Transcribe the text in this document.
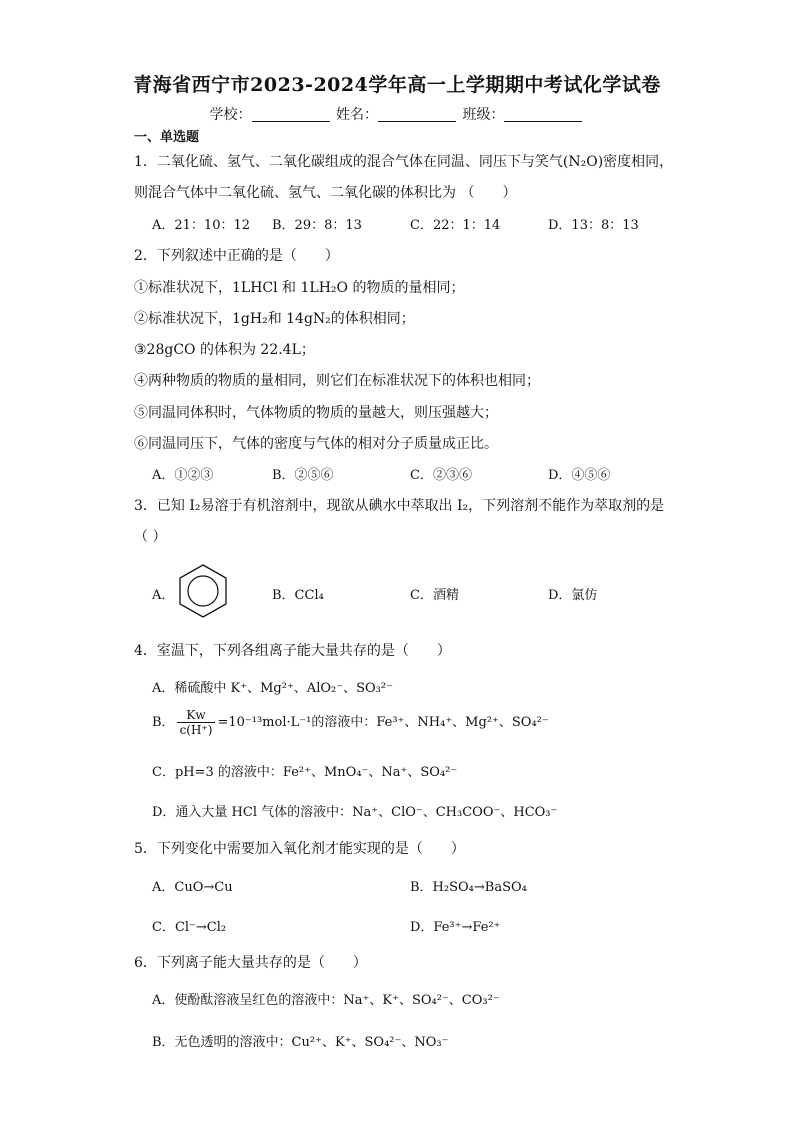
青海省西宁市2023-2024学年高一上学期期中考试化学试卷
学校：	姓名：	班级：
一、单选题
1．二氧化硫、氢气、二氧化碳组成的混合气体在同温、同压下与笑气(N₂O)密度相同，
则混合气体中二氧化硫、氢气、二氧化碳的体积比为 （　　）
A．21：10：12 B．29：8：13	C．22：1：14	D．13：8：13
2．下列叙述中正确的是（　　）
①标准状况下，1LHCl 和 1LH₂O 的物质的量相同；
②标准状况下，1gH₂和 14gN₂的体积相同；
③28gCO 的体积为 22.4L；
④两种物质的物质的量相同，则它们在标准状况下的体积也相同；
⑤同温同体积时，气体物质的物质的量越大，则压强越大；
⑥同温同压下，气体的密度与气体的相对分子质量成正比。
A．①②③	B．②⑤⑥	C．②③⑥	D．④⑤⑥
3．已知 I₂易溶于有机溶剂中，现欲从碘水中萃取出 I₂，下列溶剂不能作为萃取剂的是
（ ）
A．	B．CCl₄	C．酒精	D．氯仿
4．室温下，下列各组离子能大量共存的是（　　）
A．稀硫酸中 K⁺、Mg²⁺、AlO₂⁻、SO₃²⁻
B． $\frac{Kw}{c(H^+)} =10^{-13}mol\cdot L^{-1}$的溶液中：Fe³⁺、NH₄⁺、Mg²⁺、SO₄²⁻
C．pH=3 的溶液中：Fe²⁺、MnO₄⁻、Na⁺、SO₄²⁻
D．通入大量 HCl 气体的溶液中：Na⁺、ClO⁻、CH₃COO⁻、HCO₃⁻
5．下列变化中需要加入氧化剂才能实现的是（　　）
A．CuO→Cu	B．H₂SO₄→BaSO₄
C．Cl⁻→Cl₂	D．Fe³⁺→Fe²⁺
6．下列离子能大量共存的是（　　）
A．使酚酞溶液呈红色的溶液中：Na⁺、K⁺、SO₄²⁻、CO₃²⁻
B．无色透明的溶液中：Cu²⁺、K⁺、SO₄²⁻、NO₃⁻
